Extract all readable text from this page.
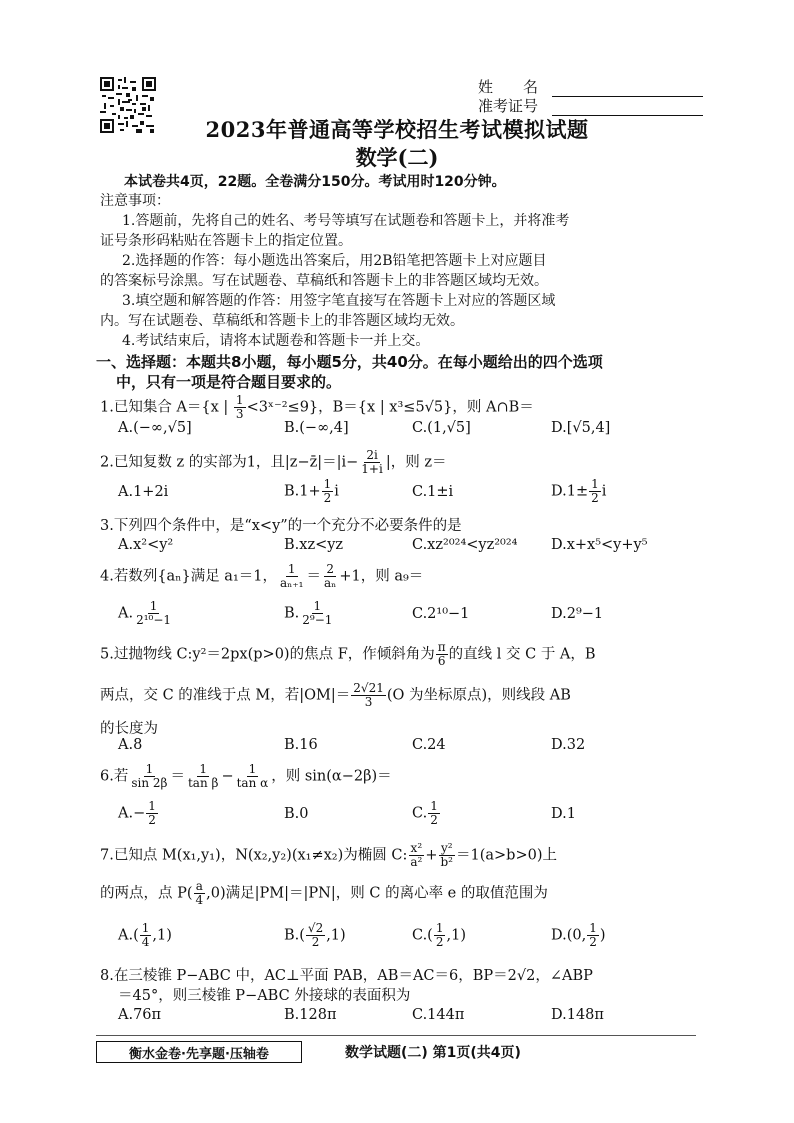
姓　　名
准考证号
2023年普通高等学校招生考试模拟试题
数学(二)
本试卷共4页，22题。全卷满分150分。考试用时120分钟。
注意事项：
1.答题前，先将自己的姓名、考号等填写在试题卷和答题卡上，并将准考
证号条形码粘贴在答题卡上的指定位置。
2.选择题的作答：每小题选出答案后，用2B铅笔把答题卡上对应题目
的答案标号涂黑。写在试题卷、草稿纸和答题卡上的非答题区域均无效。
3.填空题和解答题的作答：用签字笔直接写在答题卡上对应的答题区域
内。写在试题卷、草稿纸和答题卡上的非答题区域均无效。
4.考试结束后，请将本试题卷和答题卡一并上交。
一、选择题：本题共8小题，每小题5分，共40分。在每小题给出的四个选项
中，只有一项是符合题目要求的。
1.已知集合 A＝{x | $\frac{1}{3}$ <3ˣ⁻²≤9}，B＝{x | x³≤5√5}，则 A∩B＝
A.(−∞,√5]	B.(−∞,4]	C.(1,√5]	D.[√5,4]
2.已知复数 z 的实部为1，且|z−z̄|＝|i− $\frac{2i}{1+i}$ |，则 z＝
A.1+2i	$B.1+ \frac{1}{2}$ i	C.1±i	$D.1\pm \frac{1}{2}$ i
3.下列四个条件中，是“x<y”的一个充分不必要条件的是
A.x²<y²	B.xz<yz	C.xz²⁰²⁴<yz²⁰²⁴ D.x+x⁵<y+y⁵
4.若数列{aₙ}满足 a₁＝1， $\frac{1}{\text{aₙ₊₁}} = \frac{2}{\text{aₙ}} +1$，则 a₉＝
A. $\frac{1}{\text{2¹⁰−1}}$	B. $\frac{1}{\text{2⁹−1}}$	C.2¹⁰−1	D.2⁹−1
5.过抛物线 C:y²＝2px(p>0)的焦点 F，作倾斜角为 $\frac{\pi}{6}$ 的直线 l 交 C 于 A，B
两点，交 C 的准线于点 M，若$|OM|= \frac{2√21}{3} (O$ 为坐标原点)，则线段 AB
的长度为
A.8	B.16	C.24	D.32
6.若 $\frac{1}{\sin 2\beta} = \frac{1}{\text{tan β}} - \frac{1}{\text{tan α}}$ ，则 sin(α−2β)＝
$A.- \frac{1}{2}$	B.0	C. $\frac{1}{2}$	D.1
7.已知点 M(x₁,y₁)，N(x₂,y₂)(x₁≠x₂)为椭圆 C: $\frac{\text{x²}}{\text{a²}} + \frac{\text{y²}}{\text{b²}} =1(a>b>0)$上
的两点，点 $P( \frac{a}{4} ,0)$满足|PM|＝|PN|，则 C 的离心率 e 的取值范围为
$A.( \frac{1}{4} ,1)$	$B.( \frac{√2}{2} ,1)$	$C.( \frac{1}{2} ,1)$	D.(0, $\frac{1}{2}$ )
8.在三棱锥 P−ABC 中，AC⊥平面 PAB，AB＝AC＝6，BP＝2√2，∠ABP
＝45°，则三棱锥 P−ABC 外接球的表面积为
A.76π	B.128π	C.144π	D.148π
衡水金卷·先享题·压轴卷	数学试题(二) 第1页(共4页)
